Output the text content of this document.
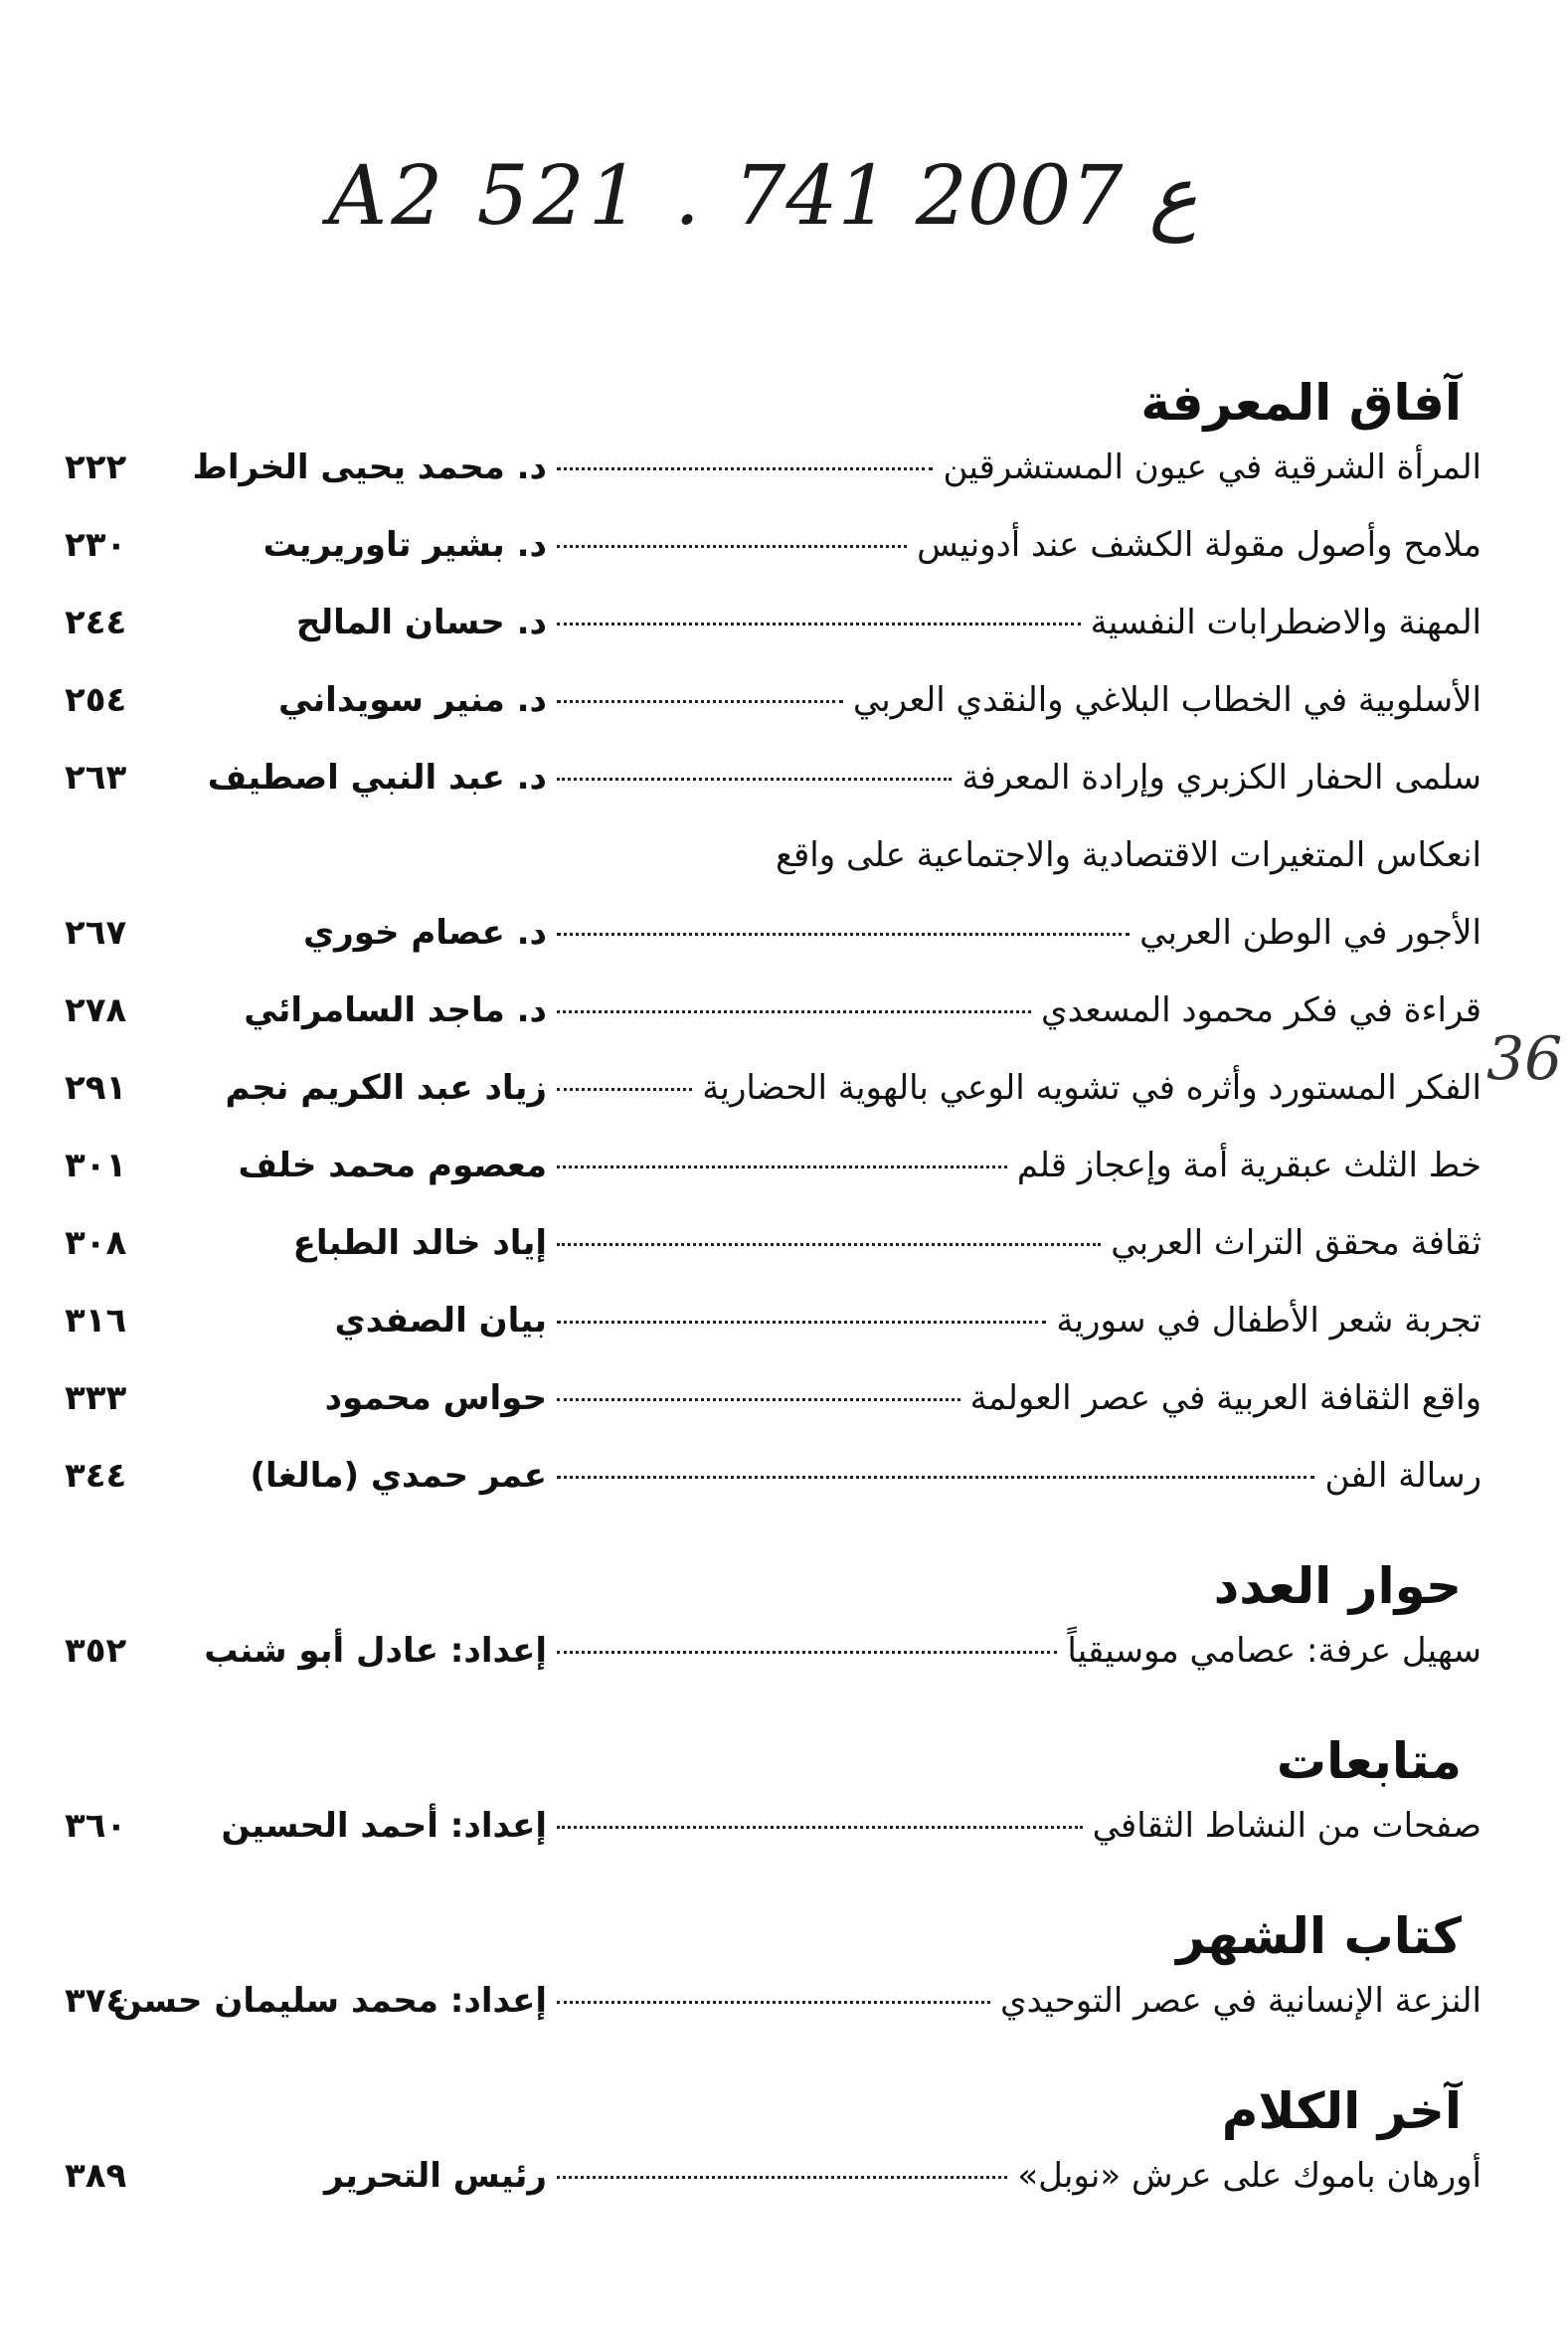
A2 521 . ع 2007 741
36
آفاق المعرفة
المرأة الشرقية في عيون المستشرقين
د. محمد يحيى الخراط
٢٢٢
ملامح وأصول مقولة الكشف عند أدونيس
د. بشير تاوريريت
٢٣٠
المهنة والاضطرابات النفسية
د. حسان المالح
٢٤٤
الأسلوبية في الخطاب البلاغي والنقدي العربي
د. منير سويداني
٢٥٤
سلمى الحفار الكزبري وإرادة المعرفة
د. عبد النبي اصطيف
٢٦٣
انعكاس المتغيرات الاقتصادية والاجتماعية على واقع
الأجور في الوطن العربي
د. عصام خوري
٢٦٧
قراءة في فكر محمود المسعدي
د. ماجد السامرائي
٢٧٨
الفكر المستورد وأثره في تشويه الوعي بالهوية الحضارية
زياد عبد الكريم نجم
٢٩١
خط الثلث عبقرية أمة وإعجاز قلم
معصوم محمد خلف
٣٠١
ثقافة محقق التراث العربي
إياد خالد الطباع
٣٠٨
تجربة شعر الأطفال في سورية
بيان الصفدي
٣١٦
واقع الثقافة العربية في عصر العولمة
حواس محمود
٣٣٣
رسالة الفن
عمر حمدي (مالغا)
٣٤٤
حوار العدد
سهيل عرفة: عصامي موسيقياً
إعداد: عادل أبو شنب
٣٥٢
متابعات
صفحات من النشاط الثقافي
إعداد: أحمد الحسين
٣٦٠
كتاب الشهر
النزعة الإنسانية في عصر التوحيدي
إعداد: محمد سليمان حسن
٣٧٤
آخر الكلام
أورهان باموك على عرش «نوبل»
رئيس التحرير
٣٨٩
